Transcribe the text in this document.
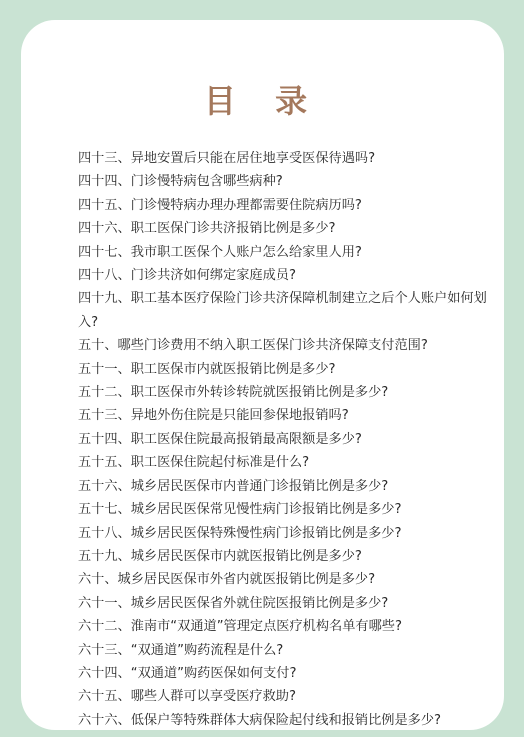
目 录
四十三、异地安置后只能在居住地享受医保待遇吗?
四十四、门诊慢特病包含哪些病种?
四十五、门诊慢特病办理办理都需要住院病历吗?
四十六、职工医保门诊共济报销比例是多少?
四十七、我市职工医保个人账户怎么给家里人用?
四十八、门诊共济如何绑定家庭成员?
四十九、职工基本医疗保险门诊共济保障机制建立之后个人账户如何划入?
五十、哪些门诊费用不纳入职工医保门诊共济保障支付范围?
五十一、职工医保市内就医报销比例是多少?
五十二、职工医保市外转诊转院就医报销比例是多少?
五十三、异地外伤住院是只能回参保地报销吗?
五十四、职工医保住院最高报销最高限额是多少?
五十五、职工医保住院起付标准是什么?
五十六、城乡居民医保市内普通门诊报销比例是多少?
五十七、城乡居民医保常见慢性病门诊报销比例是多少?
五十八、城乡居民医保特殊慢性病门诊报销比例是多少?
五十九、城乡居民医保市内就医报销比例是多少?
六十、城乡居民医保市外省内就医报销比例是多少?
六十一、城乡居民医保省外就住院医报销比例是多少?
六十二、淮南市“双通道”管理定点医疗机构名单有哪些?
六十三、“双通道”购药流程是什么?
六十四、“双通道”购药医保如何支付?
六十五、哪些人群可以享受医疗救助?
六十六、低保户等特殊群体大病保险起付线和报销比例是多少?
